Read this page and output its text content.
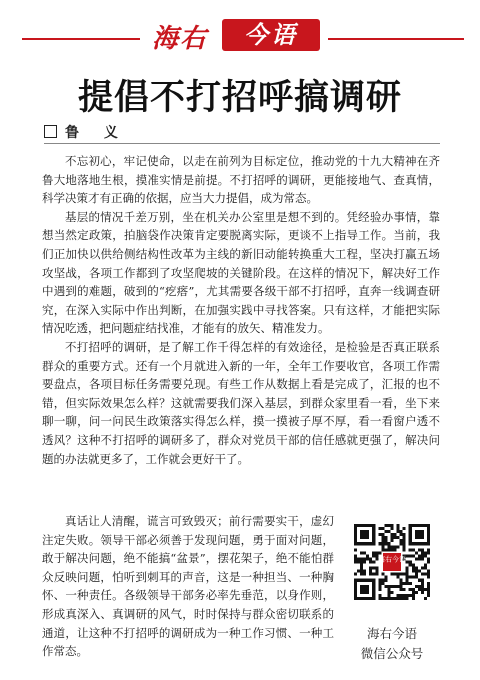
海右	今语
提倡不打招呼搞调研
鲁 义

不忘初心，牢记使命，以走在前列为目标定位，推动党的十九大精神在齐鲁大地落地生根，摸准实情是前提。不打招呼的调研，更能接地气、查真情，科学决策才有正确的依据，应当大力提倡，成为常态。

基层的情况千差万别，坐在机关办公室里是想不到的。凭经验办事情，靠想当然定政策，拍脑袋作决策肯定要脱离实际，更谈不上指导工作。当前，我们正加快以供给侧结构性改革为主线的新旧动能转换重大工程，坚决打赢五场攻坚战，各项工作都到了攻坚爬坡的关键阶段。在这样的情况下，解决好工作中遇到的难题，破到的“疙瘩”，尤其需要各级干部不打招呼，直奔一线调查研究，在深入实际中作出判断，在加强实践中寻找答案。只有这样，才能把实际情况吃透，把问题症结找准，才能有的放矢、精准发力。

不打招呼的调研，是了解工作千得怎样的有效途径，是检验是否真正联系群众的重要方式。还有一个月就进入新的一年，全年工作要收官，各项工作需要盘点，各项目标任务需要兑现。有些工作从数据上看是完成了，汇报的也不错，但实际效果怎么样？这就需要我们深入基层，到群众家里看一看，坐下来聊一聊，问一问民生政策落实得怎么样，摸一摸被子厚不厚，看一看窗户透不透风？这种不打招呼的调研多了，群众对党员干部的信任感就更强了，解决问题的办法就更多了，工作就会更好干了。

真话让人清醒，谎言可致毁灭；前行需要实干，虚幻注定失败。领导干部必须善于发现问题，勇于面对问题，敢于解决问题，绝不能搞“盆景”，摆花架子，绝不能怕群众反映问题，怕听到刺耳的声音，这是一种担当、一种胸怀、一种责任。各级领导干部务必率先垂范，以身作则，形成真深入、真调研的风气，时时保持与群众密切联系的通道，让这种不打招呼的调研成为一种工作习惯、一种工作常态。

海右今语
海右今语
微信公众号
